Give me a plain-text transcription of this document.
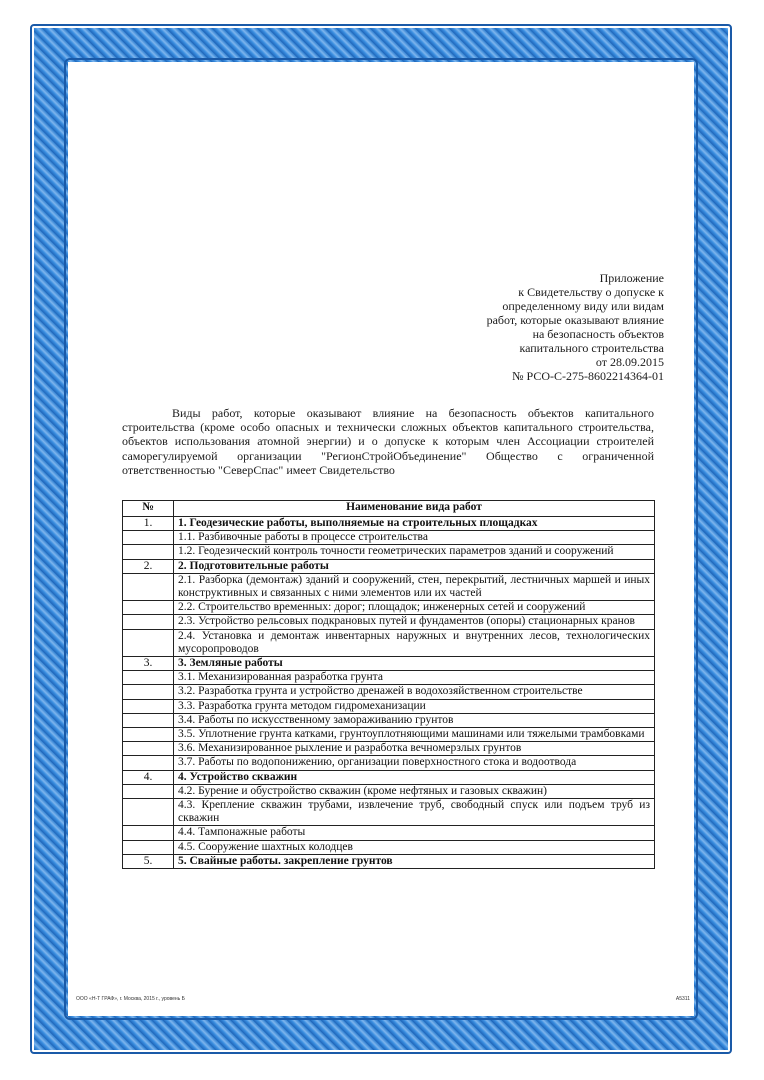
Приложение
к Свидетельству о допуске к
определенному виду или видам
работ, которые оказывают влияние
на безопасность объектов
капитального строительства
от 28.09.2015
№ РСО-С-275-8602214364-01
Виды работ, которые оказывают влияние на безопасность объектов капитального строительства (кроме особо опасных и технически сложных объектов капитального строительства, объектов использования атомной энергии) и о допуске к которым член Ассоциации строителей саморегулируемой организации "РегионСтройОбъединение" Общество с ограниченной ответственностью "СеверСпас" имеет Свидетельство
№	Наименование вида работ
1.	1. Геодезические работы, выполняемые на строительных площадках
	1.1. Разбивочные работы в процессе строительства
	1.2. Геодезический контроль точности геометрических параметров зданий и сооружений
2.	2. Подготовительные работы
	2.1. Разборка (демонтаж) зданий и сооружений, стен, перекрытий, лестничных маршей и иных конструктивных и связанных с ними элементов или их частей
	2.2. Строительство временных: дорог; площадок; инженерных сетей и сооружений
	2.3. Устройство рельсовых подкрановых путей и фундаментов (опоры) стационарных кранов
	2.4. Установка и демонтаж инвентарных наружных и внутренних лесов, технологических мусоропроводов
3.	3. Земляные работы
	3.1. Механизированная разработка грунта
	3.2. Разработка грунта и устройство дренажей в водохозяйственном строительстве
	3.3. Разработка грунта методом гидромеханизации
	3.4. Работы по искусственному замораживанию грунтов
	3.5. Уплотнение грунта катками, грунтоуплотняющими машинами или тяжелыми трамбовками
	3.6. Механизированное рыхление и разработка вечномерзлых грунтов
	3.7. Работы по водопонижению, организации поверхностного стока и водоотвода
4.	4. Устройство скважин
	4.2. Бурение и обустройство скважин (кроме нефтяных и газовых скважин)
	4.3. Крепление скважин трубами, извлечение труб, свободный спуск или подъем труб из скважин
	4.4. Тампонажные работы
	4.5. Сооружение шахтных колодцев
5.	5. Свайные работы. закрепление грунтов
ООО «Н-Т ГРАФ», г. Москва, 2015 г., уровень Б	А5311
